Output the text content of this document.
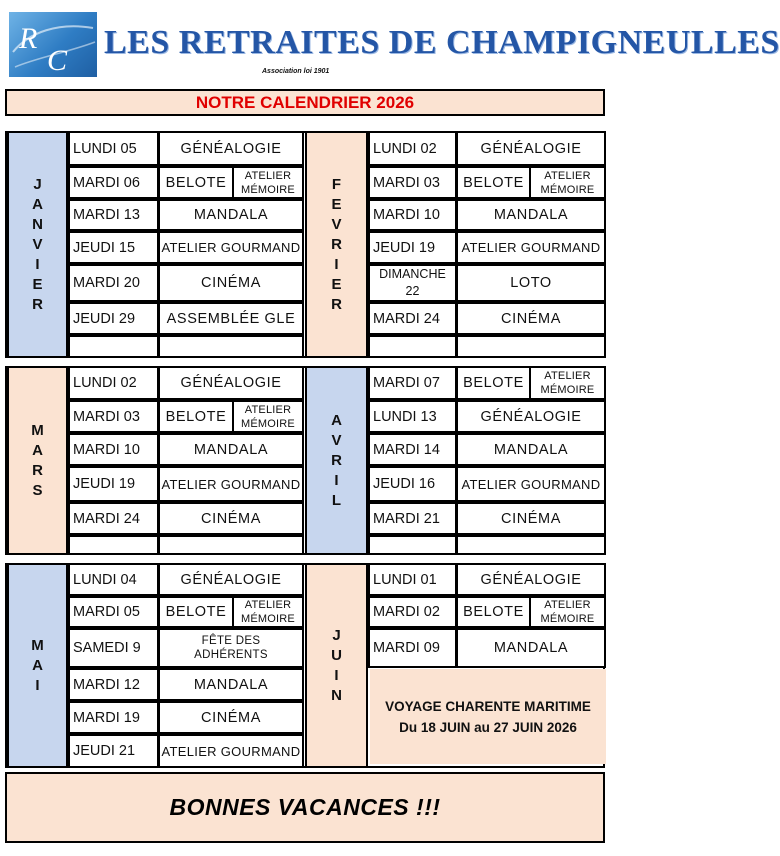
R
C LES RETRAITES DE CHAMPIGNEULLES
Association loi 1901
NOTRE CALENDRIER 2026
BONNES VACANCES !!!
J
A
N
V
I
E
R
LUNDI 05	GÉNÉALOGIE
MARDI 06	BELOTE	ATELIER MÉMOIRE
MARDI 13	MANDALA
JEUDI 15 ATELIER GOURMAND
MARDI 20	CINÉMA
JEUDI 29	ASSEMBLÉE GLE
F
E
V
R
I
E
R
LUNDI 02	GÉNÉALOGIE
MARDI 03	BELOTE	ATELIER MÉMOIRE
MARDI 10	MANDALA
JEUDI 19	ATELIER GOURMAND
DIMANCHE 22	LOTO
MARDI 24	CINÉMA
M
A
R
S
LUNDI 02	GÉNÉALOGIE
MARDI 03	BELOTE	ATELIER MÉMOIRE
MARDI 10	MANDALA
JEUDI 19 ATELIER GOURMAND
MARDI 24	CINÉMA
A
V
R
I
L
MARDI 07	BELOTE	ATELIER MÉMOIRE
LUNDI 13	GÉNÉALOGIE
MARDI 14	MANDALA
JEUDI 16	ATELIER GOURMAND
MARDI 21	CINÉMA
M
A
I
LUNDI 04	GÉNÉALOGIE
MARDI 05	BELOTE	ATELIER MÉMOIRE
SAMEDI 9	FÊTE DES ADHÉRENTS
MARDI 12	MANDALA
MARDI 19	CINÉMA
JEUDI 21 ATELIER GOURMAND
J
U
I
N
LUNDI 01	GÉNÉALOGIE
MARDI 02	BELOTE	ATELIER MÉMOIRE
MARDI 09	MANDALA
VOYAGE CHARENTE MARITIME
Du 18 JUIN au 27 JUIN 2026
